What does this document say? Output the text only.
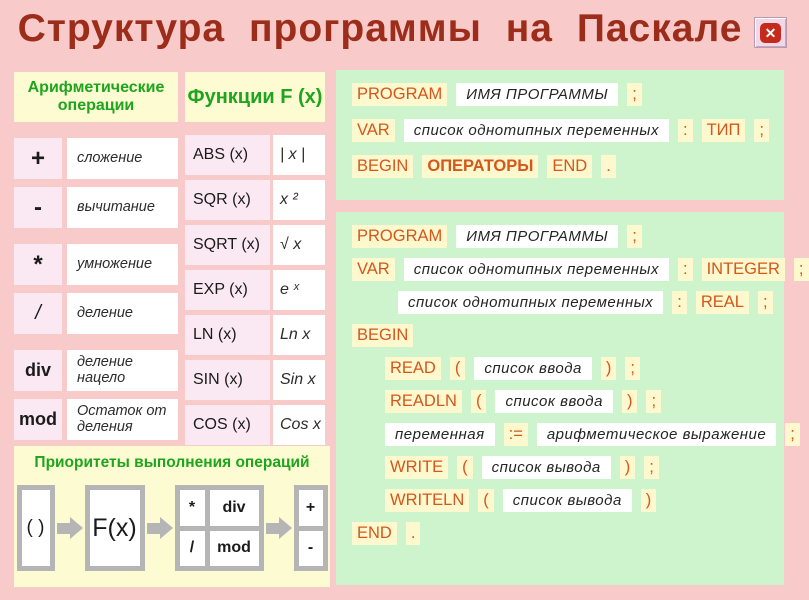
Структура программы на Паскале	✕
Арифметические операции
+	сложение
-	вычитание
*	умножение
/	деление
div	деление нацело
mod	Остаток от деления
Функции F (x)
ABS (x)	| x |
SQR (x)	x ²
SQRT (x)	√ x
EXP (x)	e ˣ
LN (x)	Ln x
SIN (x)	Sin x
COS (x)	Cos x
Приоритеты выполнения операций
( )	F(x)
*	div
/	mod
+
-
PROGRAM	ИМЯ ПРОГРАММЫ	;
VAR	список однотипных переменных	:	ТИП	;
BEGIN	ОПЕРАТОРЫ	END	.
PROGRAM	ИМЯ ПРОГРАММЫ	;
VAR	список однотипных переменных	:	INTEGER	;
список однотипных переменных	:	REAL	;
BEGIN
READ	(	список ввода	)	;
READLN	(	список ввода	)	;
переменная	:=	арифметическое выражение	;
WRITE	(	список вывода	)	;
WRITELN	(	список вывода	)
END	.
